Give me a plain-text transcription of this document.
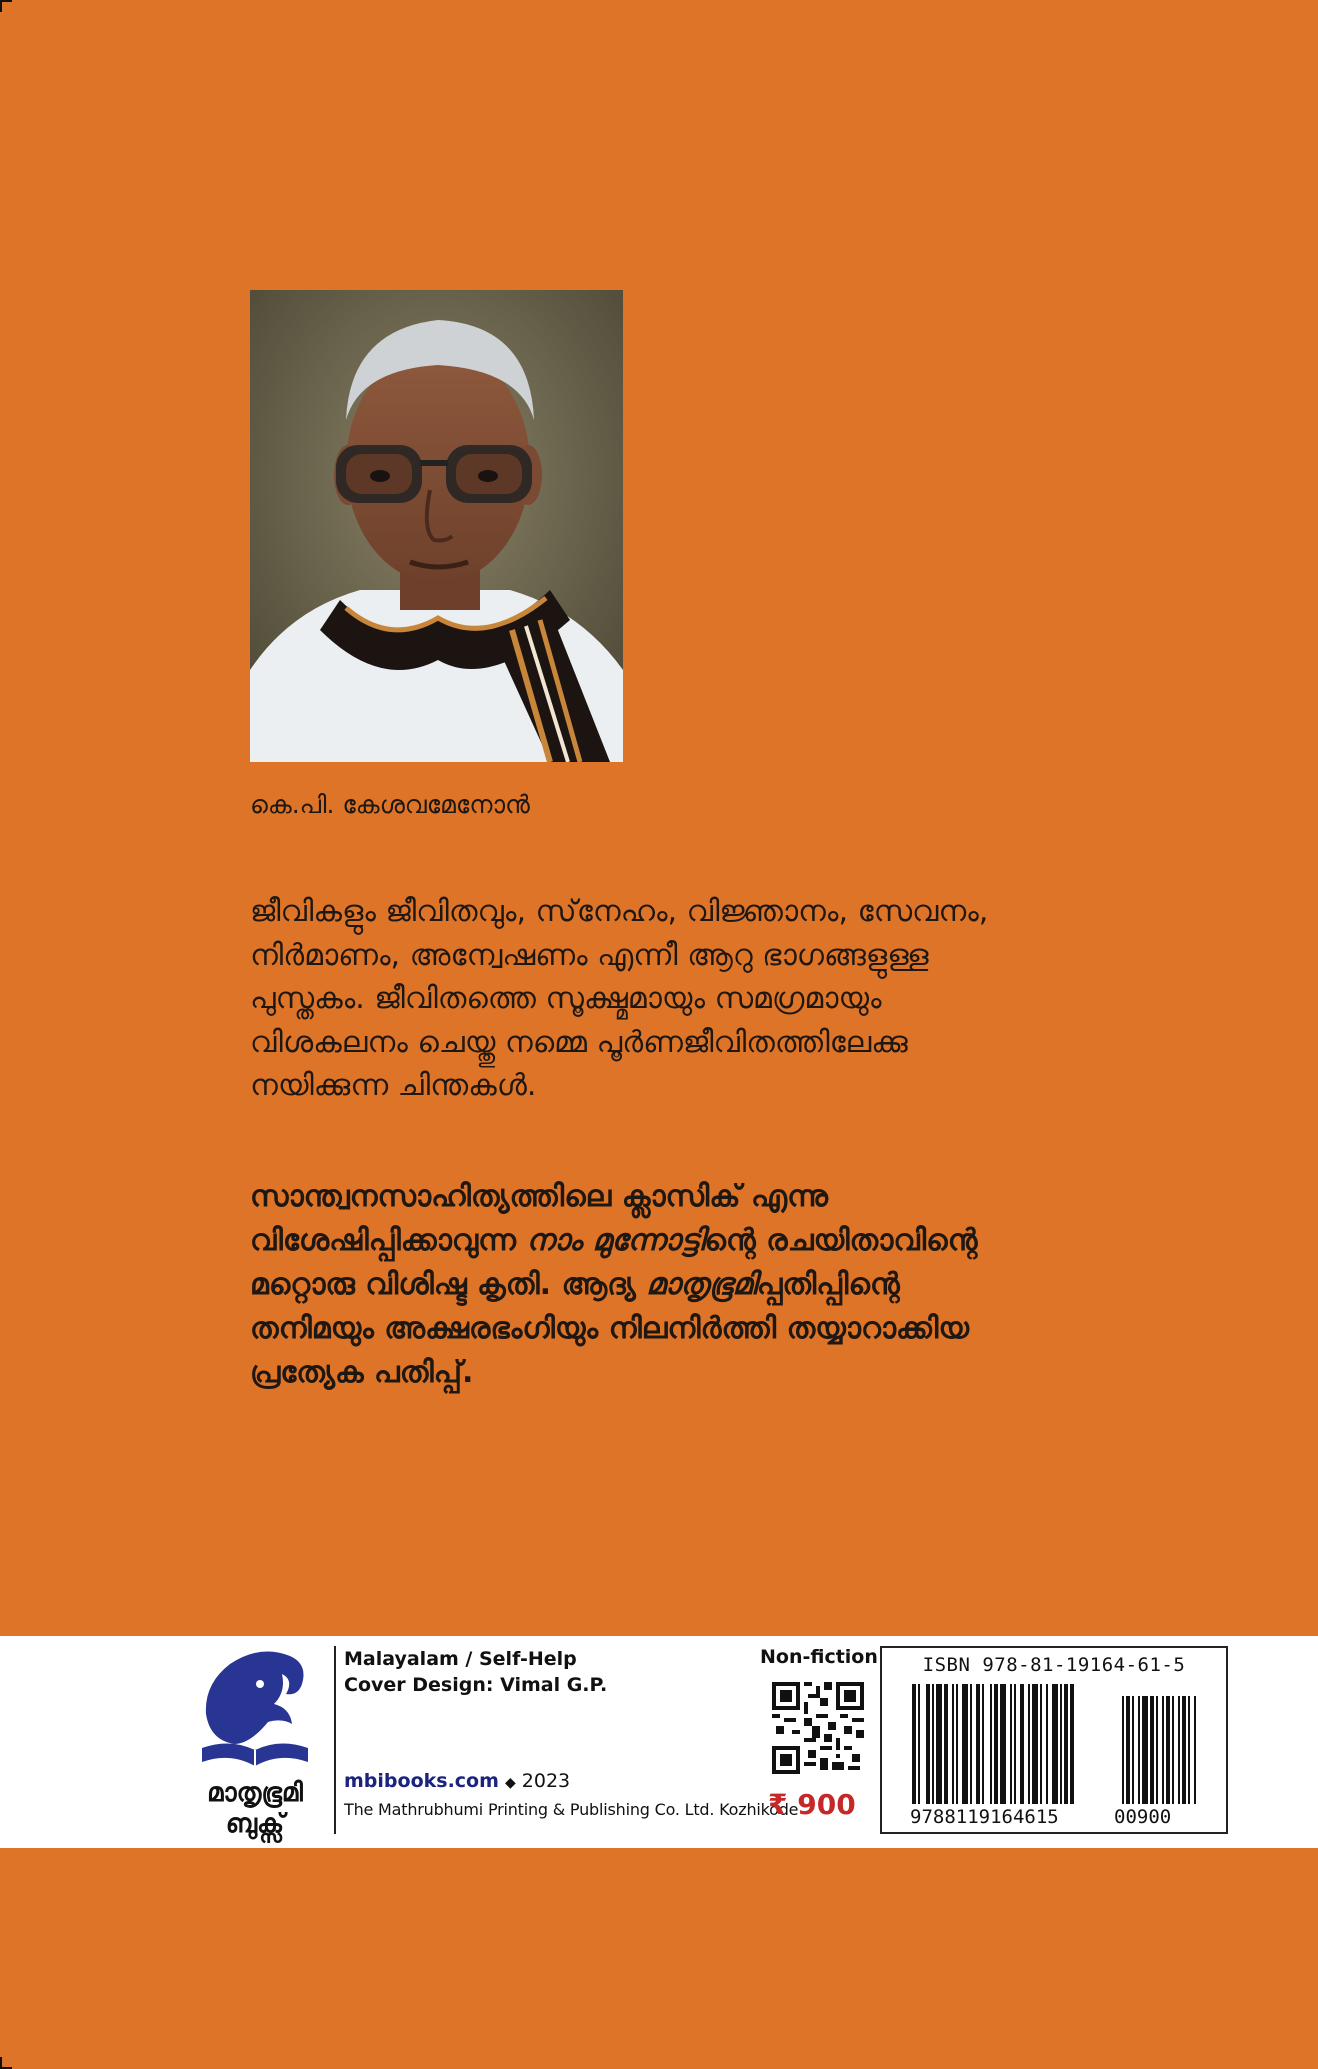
കെ.പി. കേശവമേനോൻ
ജീവികളും ജീവിതവും, സ്‌നേഹം, വിജ്ഞാനം, സേവനം,
നിർമാണം, അന്വേഷണം എന്നീ ആറു ഭാഗങ്ങളുള്ള
പുസ്തകം. ജീവിതത്തെ സൂക്ഷ്മമായും സമഗ്രമായും
വിശകലനം ചെയ്തു നമ്മെ പൂർണജീവിതത്തിലേക്കു
നയിക്കുന്ന ചിന്തകൾ.
സാന്ത്വനസാഹിത്യത്തിലെ ക്ലാസിക് എന്നു
വിശേഷിപ്പിക്കാവുന്ന നാം മുന്നോട്ടിന്റെ രചയിതാവിന്റെ
മറ്റൊരു വിശിഷ്ട കൃതി. ആദ്യ മാതൃഭൂമിപ്പതിപ്പിന്റെ
തനിമയും അക്ഷരഭംഗിയും നിലനിർത്തി തയ്യാറാക്കിയ
പ്രത്യേക പതിപ്പ്.
മാതൃഭൂമി
ബുക്സ്
Malayalam / Self-Help
Cover Design: Vimal G.P.
mbibooks.com ◆ 2023
The Mathrubhumi Printing & Publishing Co. Ltd. Kozhikode
Non-fiction
₹ 900
ISBN 978-81-19164-61-5
9788119164615	00900
